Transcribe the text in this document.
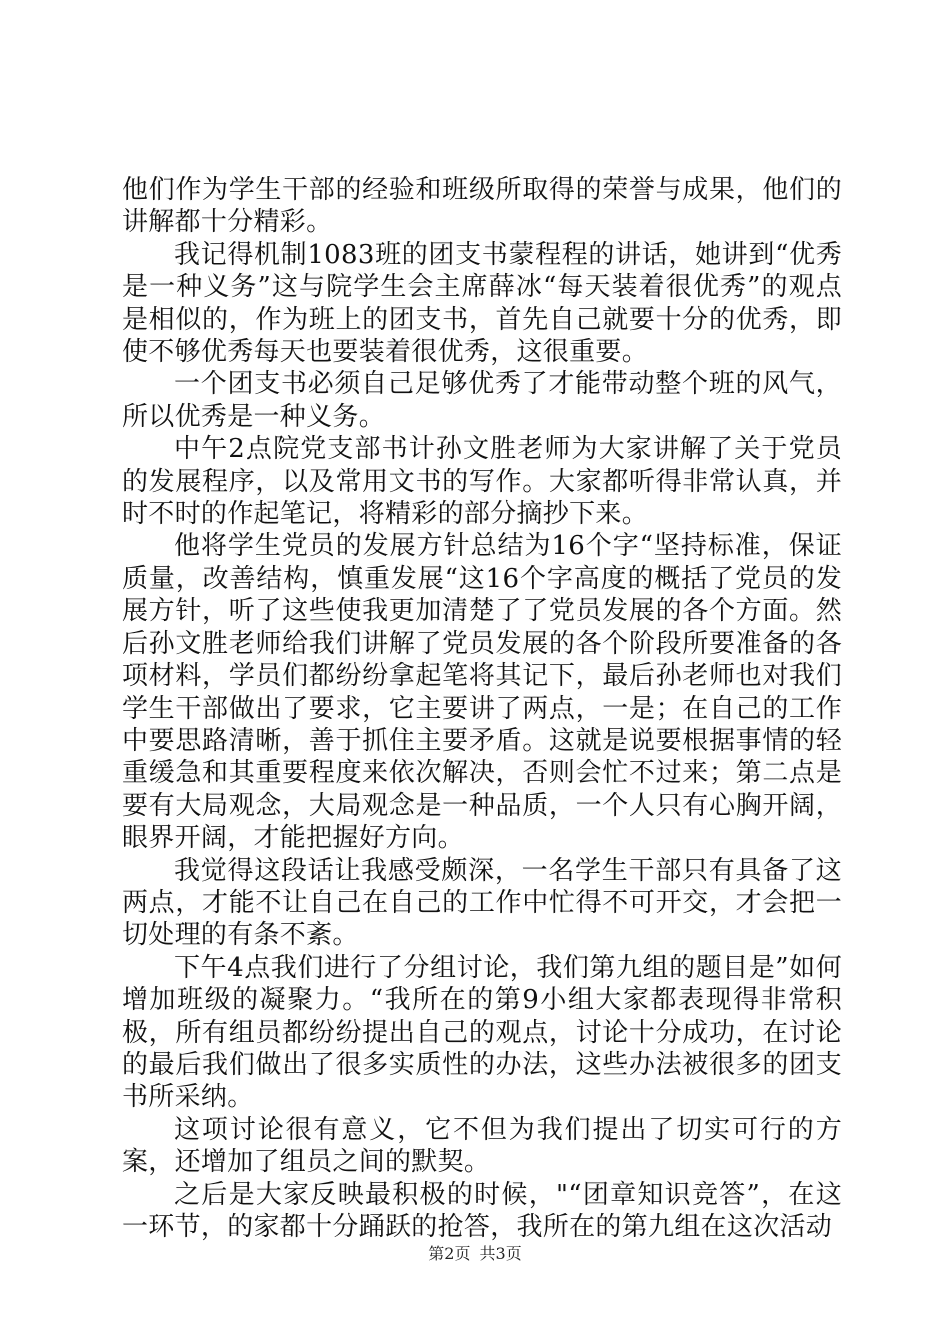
他们作为学生干部的经验和班级所取得的荣誉与成果，他们的讲解都十分精彩。

我记得机制1083班的团支书蒙程程的讲话，她讲到“优秀是一种义务”这与院学生会主席薛冰“每天装着很优秀”的观点是相似的，作为班上的团支书，首先自己就要十分的优秀，即使不够优秀每天也要装着很优秀，这很重要。

一个团支书必须自己足够优秀了才能带动整个班的风气，所以优秀是一种义务。

中午2点院党支部书计孙文胜老师为大家讲解了关于党员的发展程序，以及常用文书的写作。大家都听得非常认真，并时不时的作起笔记，将精彩的部分摘抄下来。

他将学生党员的发展方针总结为16个字“坚持标准，保证质量，改善结构，慎重发展“这16个字高度的概括了党员的发展方针，听了这些使我更加清楚了了党员发展的各个方面。然后孙文胜老师给我们讲解了党员发展的各个阶段所要准备的各项材料，学员们都纷纷拿起笔将其记下，最后孙老师也对我们学生干部做出了要求，它主要讲了两点，一是；在自己的工作中要思路清晰，善于抓住主要矛盾。这就是说要根据事情的轻重缓急和其重要程度来依次解决，否则会忙不过来；第二点是要有大局观念，大局观念是一种品质，一个人只有心胸开阔，眼界开阔，才能把握好方向。

我觉得这段话让我感受颇深，一名学生干部只有具备了这两点，才能不让自己在自己的工作中忙得不可开交，才会把一切处理的有条不紊。

下午4点我们进行了分组讨论，我们第九组的题目是”如何增加班级的凝聚力。“我所在的第9小组大家都表现得非常积极，所有组员都纷纷提出自己的观点，讨论十分成功，在讨论的最后我们做出了很多实质性的办法，这些办法被很多的团支书所采纳。

这项讨论很有意义，它不但为我们提出了切实可行的方案，还增加了组员之间的默契。

之后是大家反映最积极的时候，"“团章知识竞答”，在这一环节，的家都十分踊跃的抢答，我所在的第九组在这次活动

第2页 共3页
